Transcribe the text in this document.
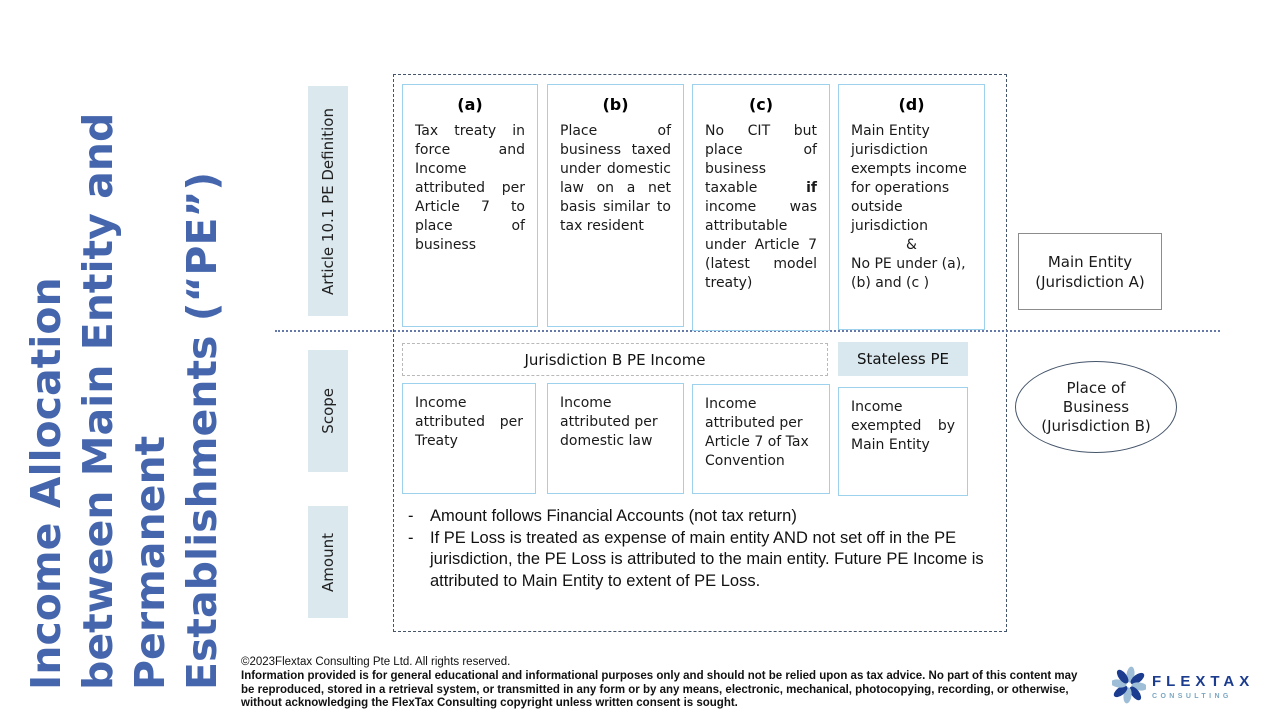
Income Allocation between Main Entity and Permanent Establishments (“PE”)	Article 10.1 PE Definition
Scope
Amount
(a)
Tax treaty in force and Income attributed per Article 7 to place of business
(b)
Place of business taxed under domestic law on a net basis similar to tax resident
(c)
No CIT but place of business taxable if income was attributable under Article 7 (latest model treaty)
(d)
Main Entity jurisdiction exempts income for operations outside jurisdiction
&
No PE under (a), (b) and (c )
Jurisdiction B PE Income	Stateless PE
Income attributed per Treaty
Income attributed per domestic law
Income attributed per Article 7 of Tax Convention
Income exempted by Main Entity
-	Amount follows Financial Accounts (not tax return)
-	If PE Loss is treated as expense of main entity AND not set off in the PE jurisdiction, the PE Loss is attributed to the main entity. Future PE Income is attributed to Main Entity to extent of PE Loss.
Main Entity (Jurisdiction A)
Place of Business (Jurisdiction B)
©2023Flextax Consulting Pte Ltd. All rights reserved.
Information provided is for general educational and informational purposes only and should not be relied upon as tax advice. No part of this content may be reproduced, stored in a retrieval system, or transmitted in any form or by any means, electronic, mechanical, photocopying, recording, or otherwise, without acknowledging the FlexTax Consulting copyright unless written consent is sought.
FLEXTAX
CONSULTING
